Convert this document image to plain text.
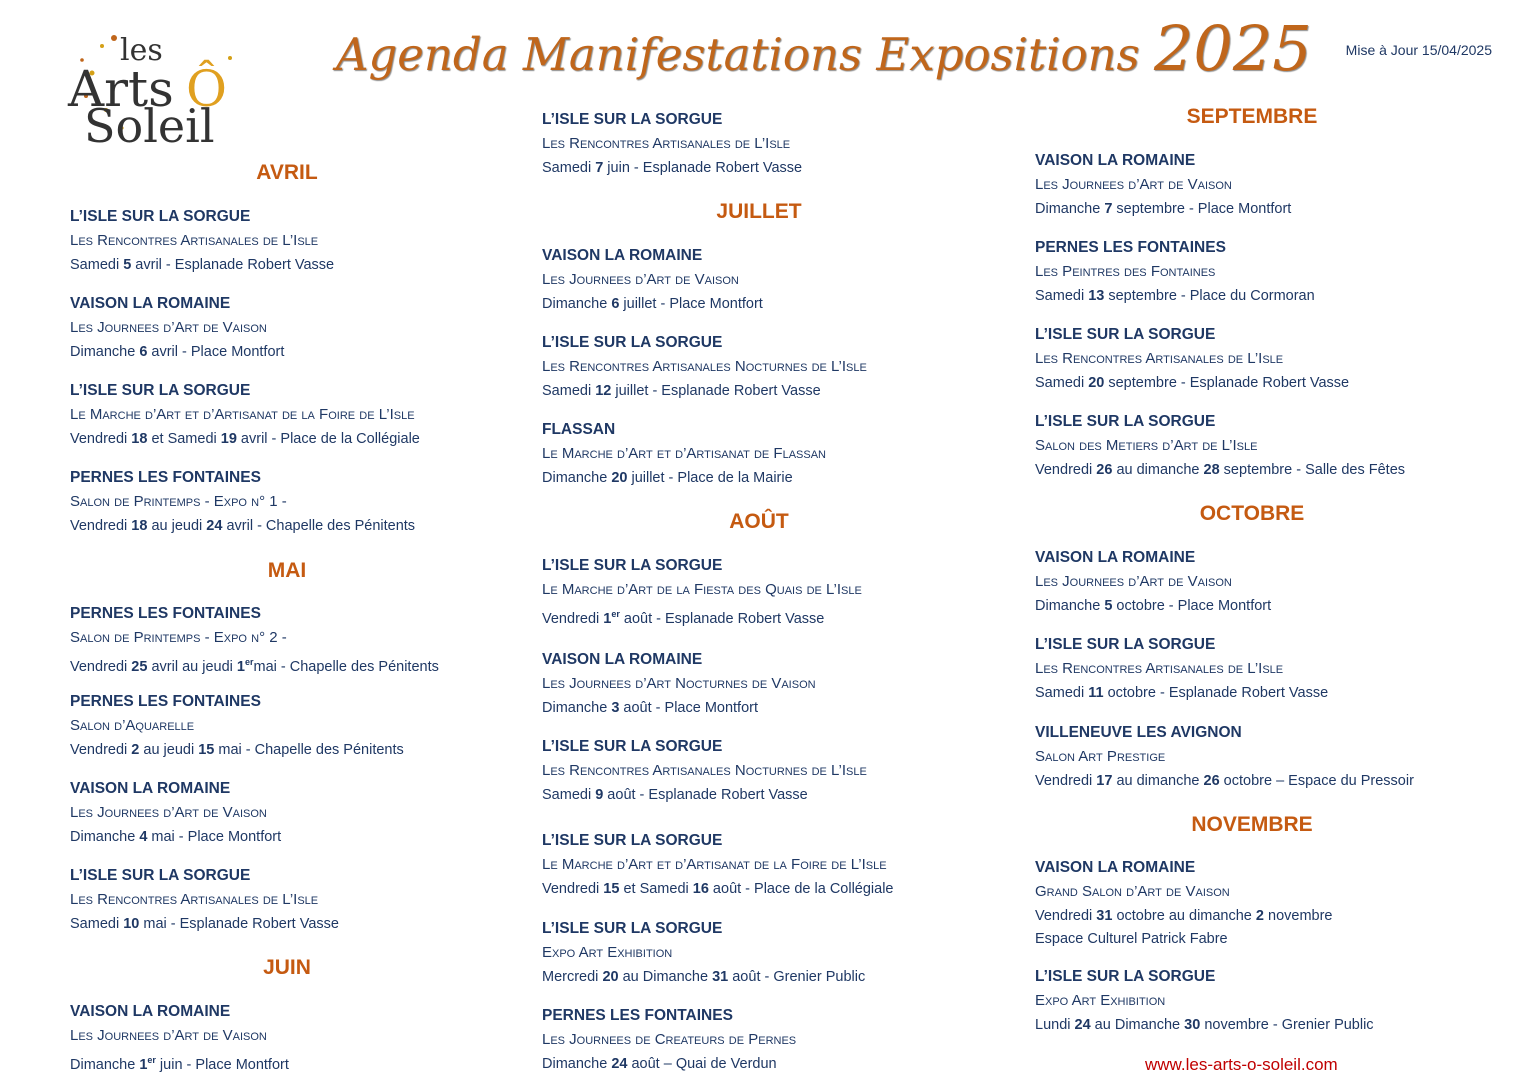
les
Arts Ô
Soleil
Agenda Manifestations Expositions 2025 Mise à Jour 15/04/2025
AVRIL
L’ISLE SUR LA SORGUE
Les Rencontres Artisanales de L’Isle
Samedi 5 avril - Esplanade Robert Vasse
VAISON LA ROMAINE
Les Journees d’Art de Vaison
Dimanche 6 avril - Place Montfort
L’ISLE SUR LA SORGUE
Le Marche d’Art et d’Artisanat de la Foire de L’Isle
Vendredi 18 et Samedi 19 avril - Place de la Collégiale
PERNES LES FONTAINES
Salon de Printemps - Expo n° 1 -
Vendredi 18 au jeudi 24 avril - Chapelle des Pénitents
MAI
PERNES LES FONTAINES
Salon de Printemps - Expo n° 2 -
Vendredi 25 avril au jeudi 1ermai - Chapelle des Pénitents
PERNES LES FONTAINES
Salon d’Aquarelle
Vendredi 2 au jeudi 15 mai - Chapelle des Pénitents
VAISON LA ROMAINE
Les Journees d’Art de Vaison
Dimanche 4 mai - Place Montfort
L’ISLE SUR LA SORGUE
Les Rencontres Artisanales de L’Isle
Samedi 10 mai - Esplanade Robert Vasse
JUIN
VAISON LA ROMAINE
Les Journees d’Art de Vaison
Dimanche 1er juin - Place Montfort
L’ISLE SUR LA SORGUE
Les Rencontres Artisanales de L’Isle
Samedi 7 juin - Esplanade Robert Vasse
JUILLET
VAISON LA ROMAINE
Les Journees d’Art de Vaison
Dimanche 6 juillet - Place Montfort
L’ISLE SUR LA SORGUE
Les Rencontres Artisanales Nocturnes de L’Isle
Samedi 12 juillet - Esplanade Robert Vasse
FLASSAN
Le Marche d’Art et d’Artisanat de Flassan
Dimanche 20 juillet - Place de la Mairie
AOÛT
L’ISLE SUR LA SORGUE
Le Marche d’Art de la Fiesta des Quais de L’Isle
Vendredi 1er août - Esplanade Robert Vasse
VAISON LA ROMAINE
Les Journees d’Art Nocturnes de Vaison
Dimanche 3 août - Place Montfort
L’ISLE SUR LA SORGUE
Les Rencontres Artisanales Nocturnes de L’Isle
Samedi 9 août - Esplanade Robert Vasse
L’ISLE SUR LA SORGUE
Le Marche d’Art et d’Artisanat de la Foire de L’Isle
Vendredi 15 et Samedi 16 août - Place de la Collégiale
L’ISLE SUR LA SORGUE
Expo Art Exhibition
Mercredi 20 au Dimanche 31 août - Grenier Public
PERNES LES FONTAINES
Les Journees de Createurs de Pernes
Dimanche 24 août – Quai de Verdun
SEPTEMBRE
VAISON LA ROMAINE
Les Journees d’Art de Vaison
Dimanche 7 septembre - Place Montfort
PERNES LES FONTAINES
Les Peintres des Fontaines
Samedi 13 septembre - Place du Cormoran
L’ISLE SUR LA SORGUE
Les Rencontres Artisanales de L’Isle
Samedi 20 septembre - Esplanade Robert Vasse
L’ISLE SUR LA SORGUE
Salon des Metiers d’Art de L’Isle
Vendredi 26 au dimanche 28 septembre - Salle des Fêtes
OCTOBRE
VAISON LA ROMAINE
Les Journees d’Art de Vaison
Dimanche 5 octobre - Place Montfort
L’ISLE SUR LA SORGUE
Les Rencontres Artisanales de L’Isle
Samedi 11 octobre - Esplanade Robert Vasse
VILLENEUVE LES AVIGNON
Salon Art Prestige
Vendredi 17 au dimanche 26 octobre – Espace du Pressoir
NOVEMBRE
VAISON LA ROMAINE
Grand Salon d’Art de Vaison
Vendredi 31 octobre au dimanche 2 novembre
Espace Culturel Patrick Fabre
L’ISLE SUR LA SORGUE
Expo Art Exhibition
Lundi 24 au Dimanche 30 novembre - Grenier Public
www.les-arts-o-soleil.com
